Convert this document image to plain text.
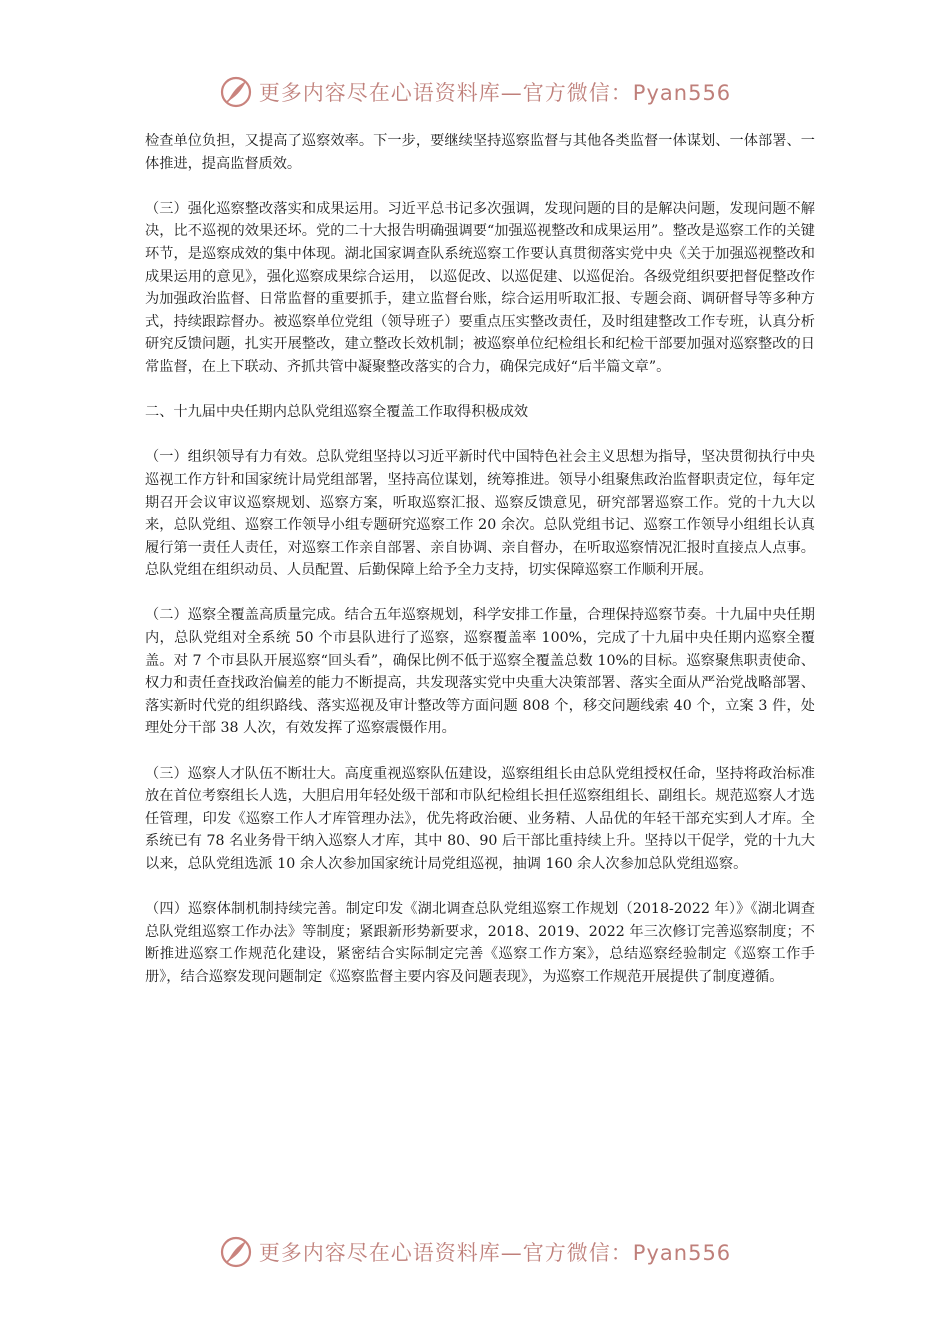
更多内容尽在心语资料库—官方微信：Pyan556

检查单位负担，又提高了巡察效率。下一步，要继续坚持巡察监督与其他各类监督一体谋划、一体部署、一体推进，提高监督质效。

（三）强化巡察整改落实和成果运用。习近平总书记多次强调，发现问题的目的是解决问题，发现问题不解决，比不巡视的效果还坏。党的二十大报告明确强调要“加强巡视整改和成果运用”。整改是巡察工作的关键环节，是巡察成效的集中体现。湖北国家调查队系统巡察工作要认真贯彻落实党中央《关于加强巡视整改和成果运用的意见》，强化巡察成果综合运用， 以巡促改、以巡促建、以巡促治。各级党组织要把督促整改作为加强政治监督、日常监督的重要抓手，建立监督台账，综合运用听取汇报、专题会商、调研督导等多种方式，持续跟踪督办。被巡察单位党组（领导班子）要重点压实整改责任，及时组建整改工作专班，认真分析研究反馈问题，扎实开展整改，建立整改长效机制；被巡察单位纪检组长和纪检干部要加强对巡察整改的日常监督，在上下联动、齐抓共管中凝聚整改落实的合力，确保完成好“后半篇文章”。

二、十九届中央任期内总队党组巡察全覆盖工作取得积极成效

（一）组织领导有力有效。总队党组坚持以习近平新时代中国特色社会主义思想为指导，坚决贯彻执行中央巡视工作方针和国家统计局党组部署，坚持高位谋划，统筹推进。领导小组聚焦政治监督职责定位，每年定期召开会议审议巡察规划、巡察方案，听取巡察汇报、巡察反馈意见，研究部署巡察工作。党的十九大以来，总队党组、巡察工作领导小组专题研究巡察工作 20 余次。总队党组书记、巡察工作领导小组组长认真履行第一责任人责任，对巡察工作亲自部署、亲自协调、亲自督办，在听取巡察情况汇报时直接点人点事。总队党组在组织动员、人员配置、后勤保障上给予全力支持，切实保障巡察工作顺利开展。

（二）巡察全覆盖高质量完成。结合五年巡察规划，科学安排工作量，合理保持巡察节奏。十九届中央任期内，总队党组对全系统 50 个市县队进行了巡察，巡察覆盖率 100%，完成了十九届中央任期内巡察全覆盖。对 7 个市县队开展巡察“回头看”，确保比例不低于巡察全覆盖总数 10%的目标。巡察聚焦职责使命、权力和责任查找政治偏差的能力不断提高，共发现落实党中央重大决策部署、落实全面从严治党战略部署、落实新时代党的组织路线、落实巡视及审计整改等方面问题 808 个，移交问题线索 40 个，立案 3 件，处理处分干部 38 人次，有效发挥了巡察震慑作用。

（三）巡察人才队伍不断壮大。高度重视巡察队伍建设，巡察组组长由总队党组授权任命，坚持将政治标准放在首位考察组长人选，大胆启用年轻处级干部和市队纪检组长担任巡察组组长、副组长。规范巡察人才选任管理，印发《巡察工作人才库管理办法》，优先将政治硬、业务精、人品优的年轻干部充实到人才库。全系统已有 78 名业务骨干纳入巡察人才库，其中 80、90 后干部比重持续上升。坚持以干促学，党的十九大以来，总队党组选派 10 余人次参加国家统计局党组巡视，抽调 160 余人次参加总队党组巡察。

（四）巡察体制机制持续完善。制定印发《湖北调查总队党组巡察工作规划（2018-2022 年）》《湖北调查总队党组巡察工作办法》等制度；紧跟新形势新要求，2018、2019、2022 年三次修订完善巡察制度；不断推进巡察工作规范化建设，紧密结合实际制定完善《巡察工作方案》，总结巡察经验制定《巡察工作手册》，结合巡察发现问题制定《巡察监督主要内容及问题表现》，为巡察工作规范开展提供了制度遵循。

更多内容尽在心语资料库—官方微信：Pyan556
